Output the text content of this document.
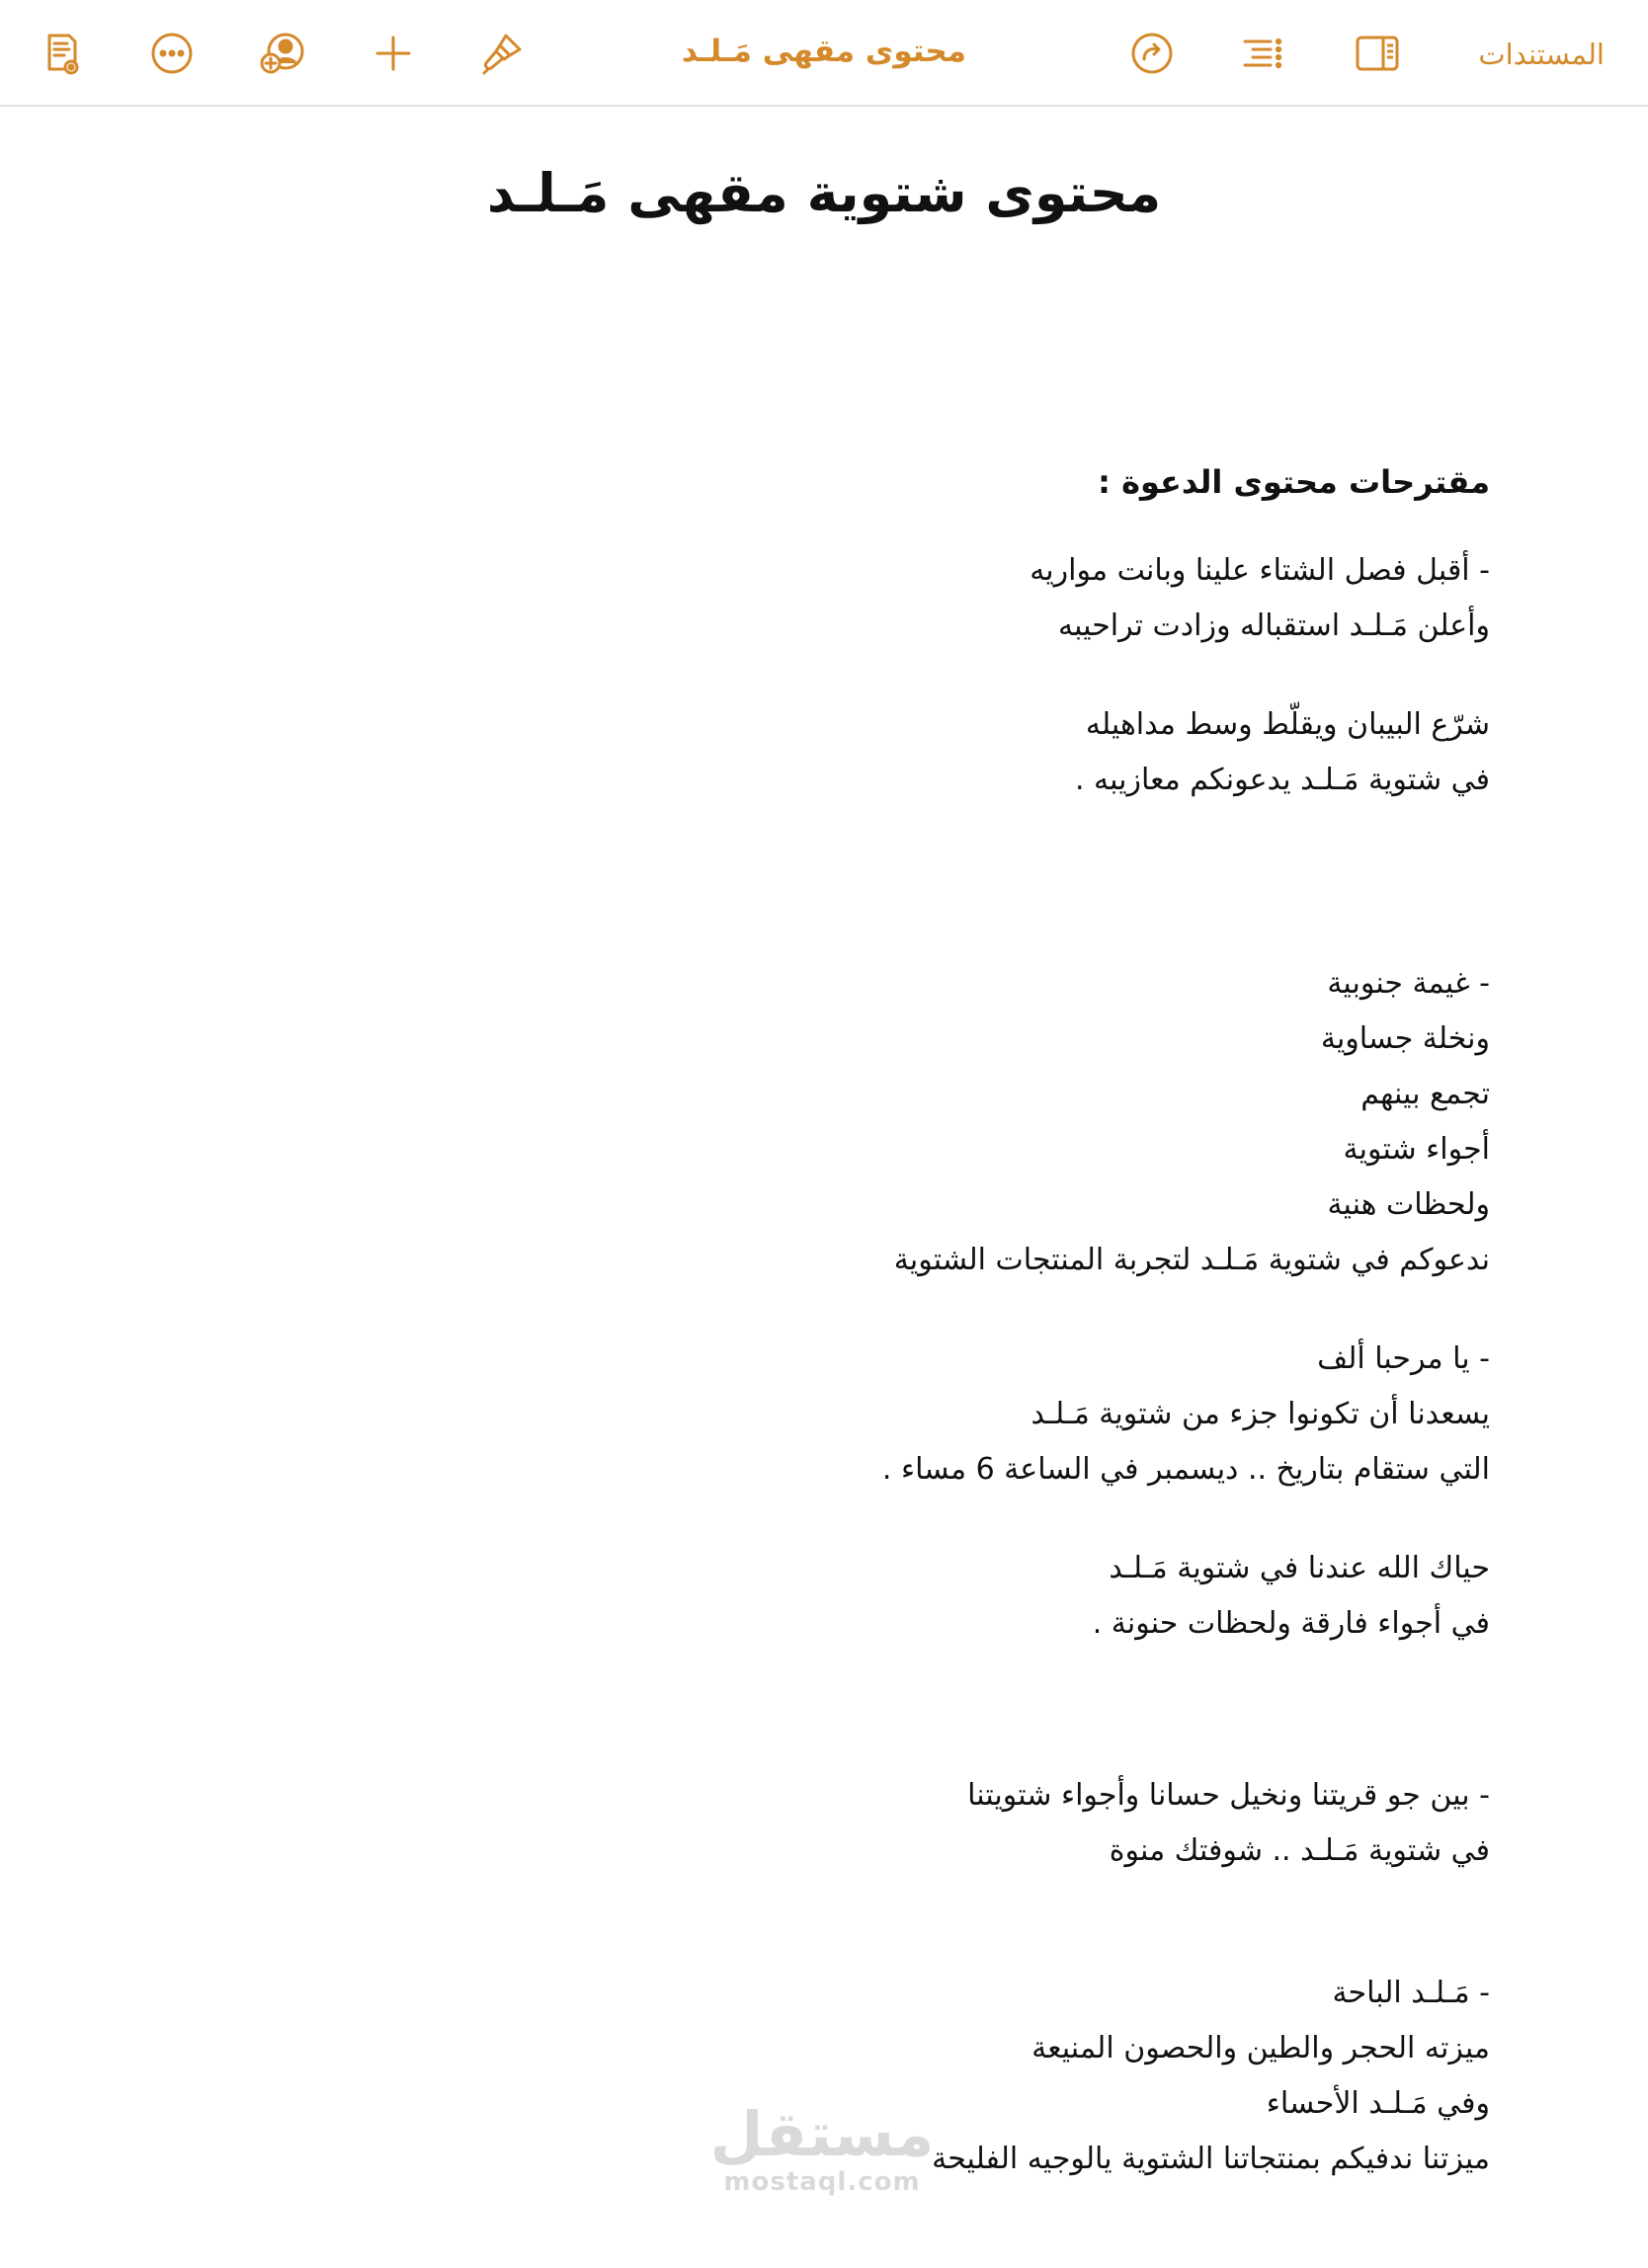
محتوى مقهى مَـلـد	المستندات
محتوى شتوية مقهى مَـلـد
مقترحات محتوى الدعوة :
- أقبل فصل الشتاء علينا وبانت مواريه
وأعلن مَـلـد استقباله وزادت تراحيبه
شرّع البيبان ويقلّط وسط مداهيله
في شتوية مَـلـد يدعونكم معازيبه .
- غيمة جنوبية
ونخلة جساوية
تجمع بينهم
أجواء شتوية
ولحظات هنية
ندعوكم في شتوية مَـلـد لتجربة المنتجات الشتوية
- يا مرحبا ألف
يسعدنا أن تكونوا جزء من شتوية مَـلـد
التي ستقام بتاريخ .. ديسمبر في الساعة 6 مساء .
حياك الله عندنا في شتوية مَـلـد
في أجواء فارقة ولحظات حنونة .
- بين جو قريتنا ونخيل حسانا وأجواء شتويتنا
في شتوية مَـلـد .. شوفتك منوة
- مَـلـد الباحة
ميزته الحجر والطين والحصون المنيعة
وفي مَـلـد الأحساء
ميزتنا ندفيكم بمنتجاتنا الشتوية يالوجيه الفليحة
مستقل
mostaql.com
